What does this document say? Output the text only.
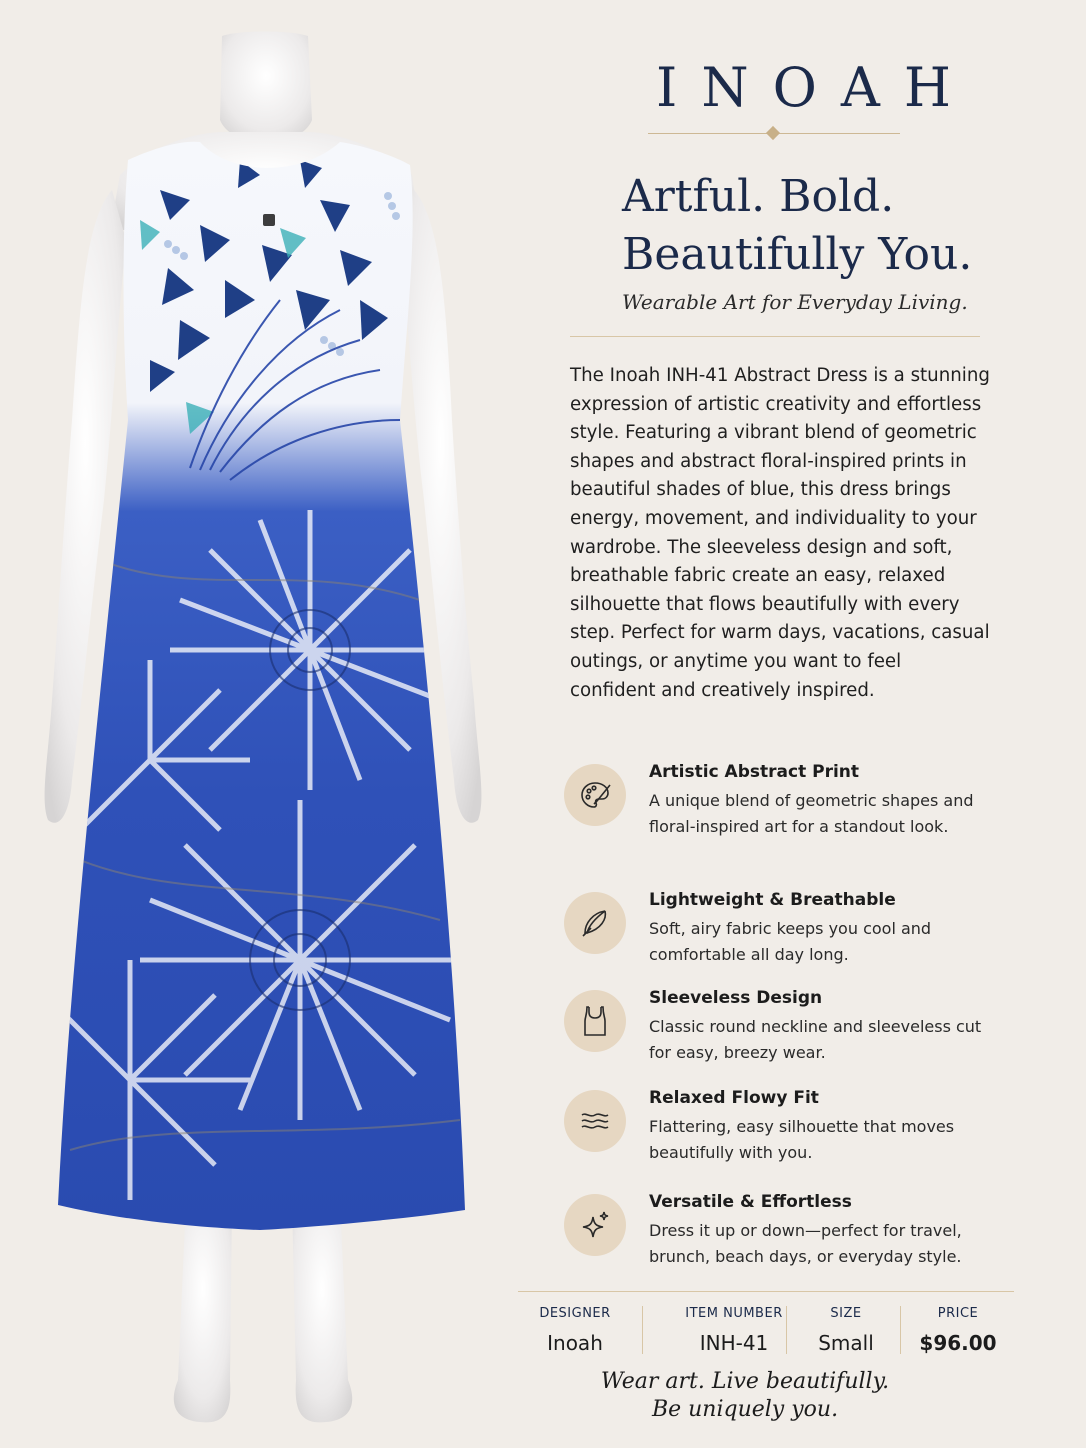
INOAH
Artful. Bold.
Beautifully You.
Wearable Art for Everyday Living.
The Inoah INH-41 Abstract Dress is a stunning expression of artistic creativity and effortless style. Featuring a vibrant blend of geometric shapes and abstract floral-inspired prints in beautiful shades of blue, this dress brings energy, movement, and individuality to your wardrobe. The sleeveless design and soft, breathable fabric create an easy, relaxed silhouette that flows beautifully with every step. Perfect for warm days, vacations, casual outings, or anytime you want to feel confident and creatively inspired.
Artistic Abstract Print
A unique blend of geometric shapes and floral-inspired art for a standout look.
Lightweight & Breathable
Soft, airy fabric keeps you cool and comfortable all day long.
Sleeveless Design
Classic round neckline and sleeveless cut for easy, breezy wear.
Relaxed Flowy Fit
Flattering, easy silhouette that moves beautifully with you.
Versatile & Effortless
Dress it up or down—perfect for travel, brunch, beach days, or everyday style.
DESIGNER
Inoah
ITEM NUMBER
INH-41
SIZE
Small
PRICE
$96.00
Wear art. Live beautifully.
Be uniquely you.
